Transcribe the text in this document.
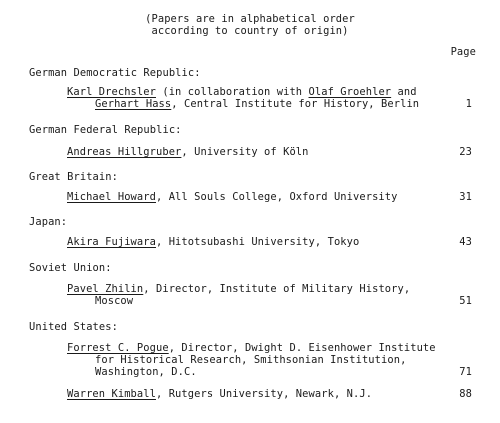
(Papers are in alphabetical order
according to country of origin)
Page
German Democratic Republic:
Karl Drechsler (in collaboration with Olaf Groehler and
Gerhart Hass, Central Institute for History, Berlin	1
German Federal Republic:
Andreas Hillgruber, University of Köln	23
Great Britain:
Michael Howard, All Souls College, Oxford University	31
Japan:
Akira Fujiwara, Hitotsubashi University, Tokyo	43
Soviet Union:
Pavel Zhilin, Director, Institute of Military History,
Moscow	51
United States:
Forrest C. Pogue, Director, Dwight D. Eisenhower Institute
for Historical Research, Smithsonian Institution,
Washington, D.C.	71
Warren Kimball, Rutgers University, Newark, N.J.	88
